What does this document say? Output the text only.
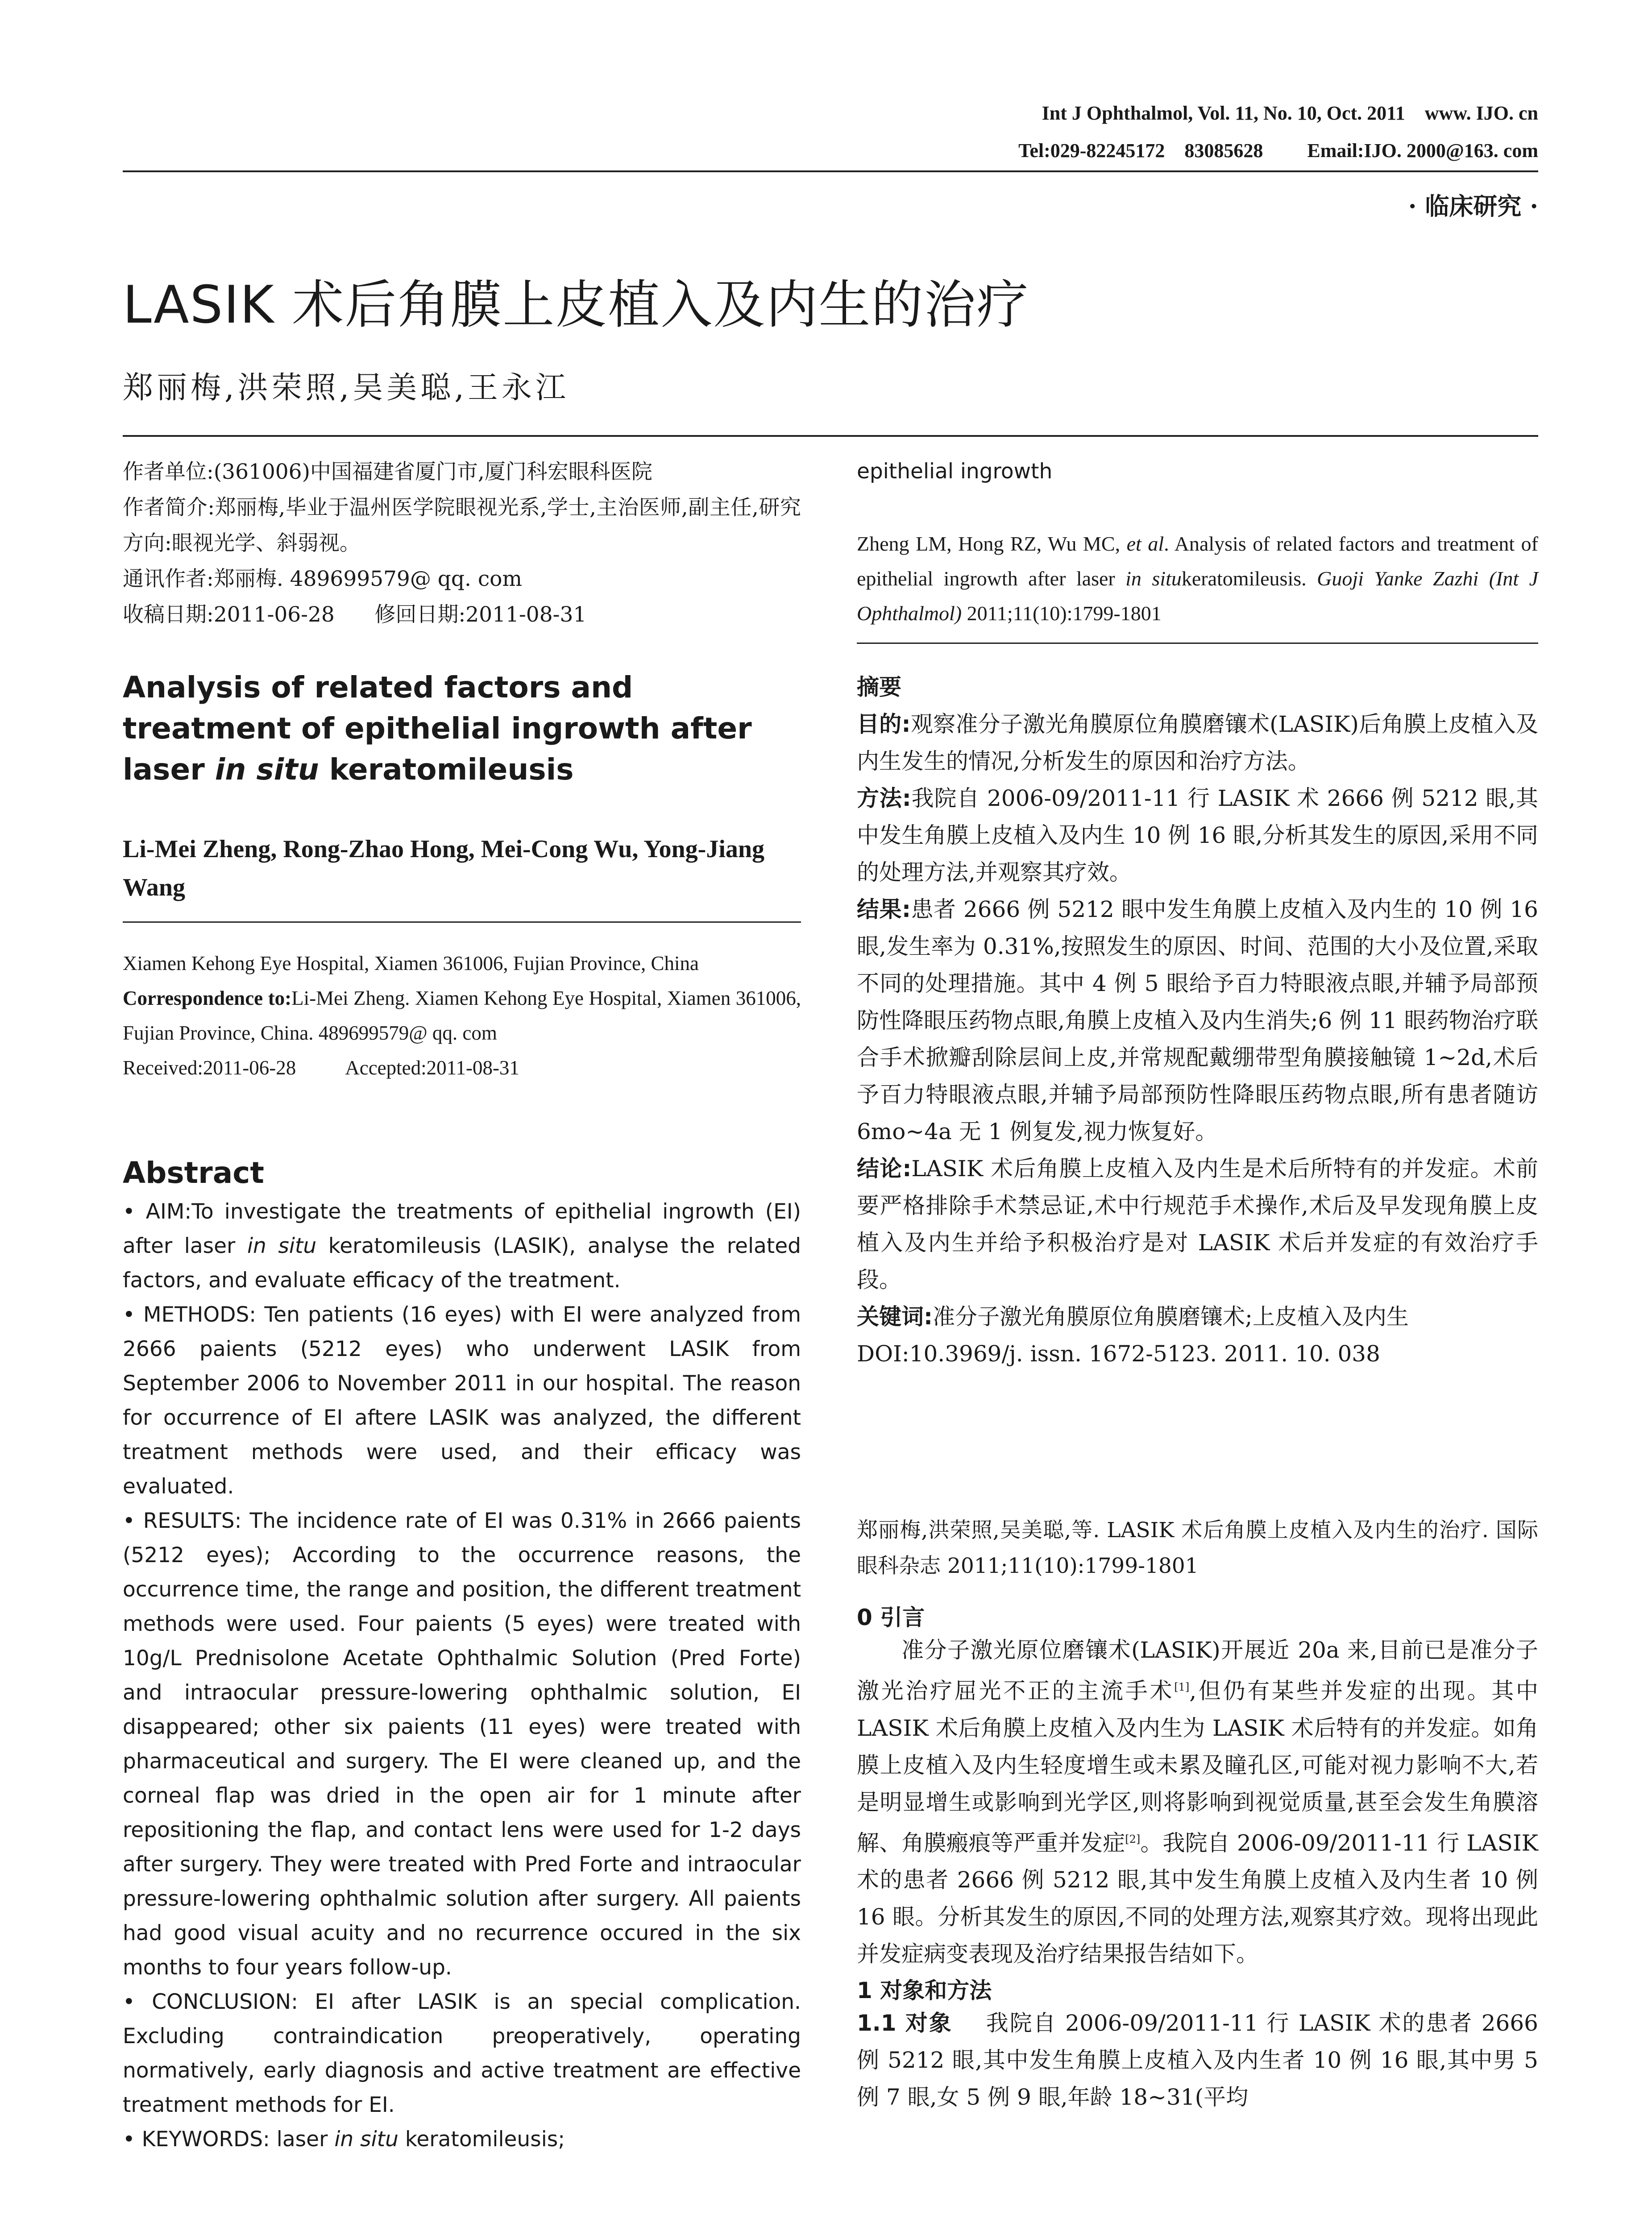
Int J Ophthalmol, Vol. 11, No. 10, Oct. 2011    www. IJO. cn
Tel:029-82245172    83085628         Email:IJO. 2000@163. com
· 临床研究 ·
LASIK 术后角膜上皮植入及内生的治疗
郑丽梅,洪荣照,吴美聪,王永江

作者单位:(361006)中国福建省厦门市,厦门科宏眼科医院

作者简介:郑丽梅,毕业于温州医学院眼视光系,学士,主治医师,副主任,研究方向:眼视光学、斜弱视。

通讯作者:郑丽梅. 489699579@ qq. com

收稿日期:2011-06-28      修回日期:2011-08-31

Analysis of related factors and treatment of epithelial ingrowth after laser in situ keratomileusis

Li-Mei Zheng, Rong-Zhao Hong, Mei-Cong Wu, Yong-Jiang Wang

Xiamen Kehong Eye Hospital, Xiamen 361006, Fujian Province, China

Correspondence to:Li-Mei Zheng. Xiamen Kehong Eye Hospital, Xiamen 361006, Fujian Province, China. 489699579@ qq. com

Received:2011-06-28          Accepted:2011-08-31

Abstract

• AIM:To investigate the treatments of epithelial ingrowth (EI) after laser in situ keratomileusis (LASIK), analyse the related factors, and evaluate efficacy of the treatment.

• METHODS: Ten patients (16 eyes) with EI were analyzed from 2666 paients (5212 eyes) who underwent LASIK from September 2006 to November 2011 in our hospital. The reason for occurrence of EI aftere LASIK was analyzed, the different treatment methods were used, and their efficacy was evaluated.

• RESULTS: The incidence rate of EI was 0.31% in 2666 paients (5212 eyes); According to the occurrence reasons, the occurrence time, the range and position, the different treatment methods were used. Four paients (5 eyes) were treated with 10g/L Prednisolone Acetate Ophthalmic Solution (Pred Forte) and intraocular pressure-lowering ophthalmic solution, EI disappeared; other six paients (11 eyes) were treated with pharmaceutical and surgery. The EI were cleaned up, and the corneal flap was dried in the open air for 1 minute after repositioning the flap, and contact lens were used for 1-2 days after surgery. They were treated with Pred Forte and intraocular pressure-lowering ophthalmic solution after surgery. All paients had good visual acuity and no recurrence occured in the six months to four years follow-up.

• CONCLUSION: EI after LASIK is an special complication. Excluding contraindication preoperatively, operating normatively, early diagnosis and active treatment are effective treatment methods for EI.

• KEYWORDS: laser in situ keratomileusis;

epithelial ingrowth

Zheng LM, Hong RZ, Wu MC, et al. Analysis of related factors and treatment of epithelial ingrowth after laser in situkeratomileusis. Guoji Yanke Zazhi (Int J Ophthalmol) 2011;11(10):1799-1801

摘要

目的:观察准分子激光角膜原位角膜磨镶术(LASIK)后角膜上皮植入及内生发生的情况,分析发生的原因和治疗方法。

方法:我院自 2006-09/2011-11 行 LASIK 术 2666 例 5212 眼,其中发生角膜上皮植入及内生 10 例 16 眼,分析其发生的原因,采用不同的处理方法,并观察其疗效。

结果:患者 2666 例 5212 眼中发生角膜上皮植入及内生的 10 例 16 眼,发生率为 0.31%,按照发生的原因、时间、范围的大小及位置,采取不同的处理措施。其中 4 例 5 眼给予百力特眼液点眼,并辅予局部预防性降眼压药物点眼,角膜上皮植入及内生消失;6 例 11 眼药物治疗联合手术掀瓣刮除层间上皮,并常规配戴绷带型角膜接触镜 1~2d,术后予百力特眼液点眼,并辅予局部预防性降眼压药物点眼,所有患者随访 6mo~4a 无 1 例复发,视力恢复好。

结论:LASIK 术后角膜上皮植入及内生是术后所特有的并发症。术前要严格排除手术禁忌证,术中行规范手术操作,术后及早发现角膜上皮植入及内生并给予积极治疗是对 LASIK 术后并发症的有效治疗手段。

关键词:准分子激光角膜原位角膜磨镶术;上皮植入及内生

DOI:10.3969/j. issn. 1672-5123. 2011. 10. 038

郑丽梅,洪荣照,吴美聪,等. LASIK 术后角膜上皮植入及内生的治疗. 国际眼科杂志 2011;11(10):1799-1801

0 引言

准分子激光原位磨镶术(LASIK)开展近 20a 来,目前已是准分子激光治疗屈光不正的主流手术[1],但仍有某些并发症的出现。其中 LASIK 术后角膜上皮植入及内生为 LASIK 术后特有的并发症。如角膜上皮植入及内生轻度增生或未累及瞳孔区,可能对视力影响不大,若是明显增生或影响到光学区,则将影响到视觉质量,甚至会发生角膜溶解、角膜瘢痕等严重并发症[2]。我院自 2006-09/2011-11 行 LASIK 术的患者 2666 例 5212 眼,其中发生角膜上皮植入及内生者 10 例 16 眼。分析其发生的原因,不同的处理方法,观察其疗效。现将出现此并发症病变表现及治疗结果报告结如下。

1 对象和方法

1.1 对象 我院自 2006-09/2011-11 行 LASIK 术的患者 2666 例 5212 眼,其中发生角膜上皮植入及内生者 10 例 16 眼,其中男 5 例 7 眼,女 5 例 9 眼,年龄 18~31(平均
